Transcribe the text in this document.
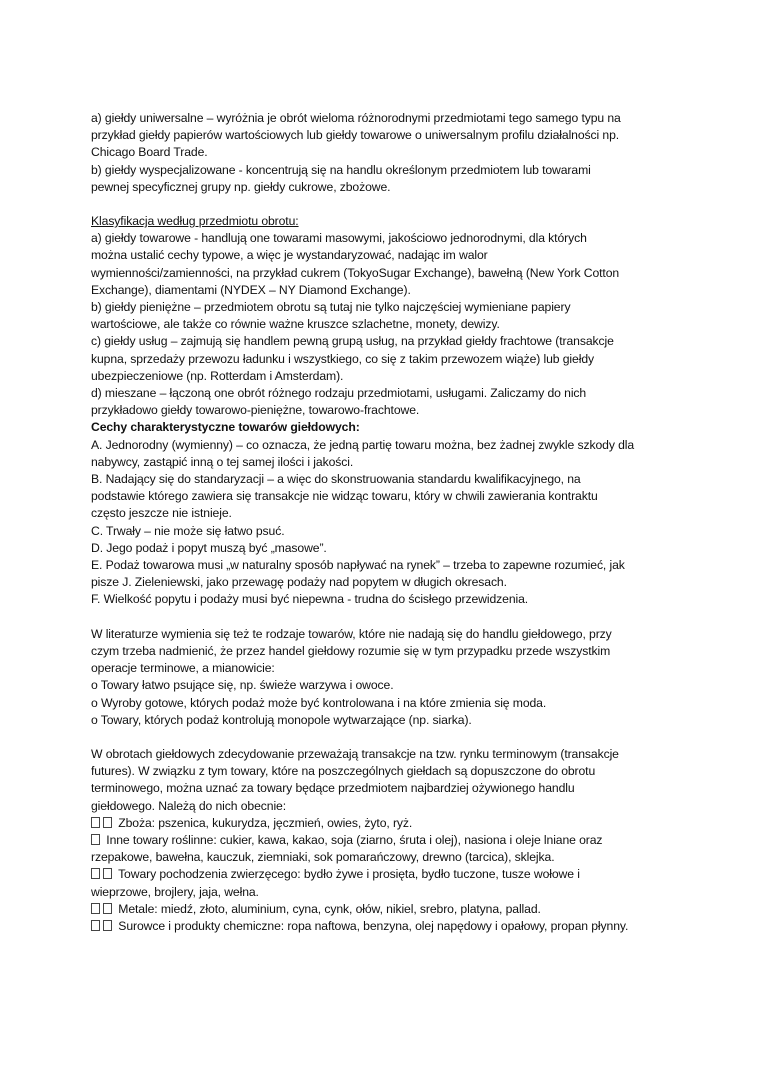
a) giełdy uniwersalne – wyróżnia je obrót wieloma różnorodnymi przedmiotami tego samego typu na
przykład giełdy papierów wartościowych lub giełdy towarowe o uniwersalnym profilu działalności np.
Chicago Board Trade.
b) giełdy wyspecjalizowane - koncentrują się na handlu określonym przedmiotem lub towarami
pewnej specyficznej grupy np. giełdy cukrowe, zbożowe.
Klasyfikacja według przedmiotu obrotu:
a) giełdy towarowe - handlują one towarami masowymi, jakościowo jednorodnymi, dla których
można ustalić cechy typowe, a więc je wystandaryzować, nadając im walor
wymienności/zamienności, na przykład cukrem (TokyoSugar Exchange), bawełną (New York Cotton
Exchange), diamentami (NYDEX – NY Diamond Exchange).
b) giełdy pieniężne – przedmiotem obrotu są tutaj nie tylko najczęściej wymieniane papiery
wartościowe, ale także co równie ważne kruszce szlachetne, monety, dewizy.
c) giełdy usług – zajmują się handlem pewną grupą usług, na przykład giełdy frachtowe (transakcje
kupna, sprzedaży przewozu ładunku i wszystkiego, co się z takim przewozem wiąże) lub giełdy
ubezpieczeniowe (np. Rotterdam i Amsterdam).
d) mieszane – łączoną one obrót różnego rodzaju przedmiotami, usługami. Zaliczamy do nich
przykładowo giełdy towarowo-pieniężne, towarowo-frachtowe.
Cechy charakterystyczne towarów giełdowych:
A. Jednorodny (wymienny) – co oznacza, że jedną partię towaru można, bez żadnej zwykle szkody dla
nabywcy, zastąpić inną o tej samej ilości i jakości.
B. Nadający się do standaryzacji – a więc do skonstruowania standardu kwalifikacyjnego, na
podstawie którego zawiera się transakcje nie widząc towaru, który w chwili zawierania kontraktu
często jeszcze nie istnieje.
C. Trwały – nie może się łatwo psuć.
D. Jego podaż i popyt muszą być „masowe”.
E. Podaż towarowa musi „w naturalny sposób napływać na rynek” – trzeba to zapewne rozumieć, jak
pisze J. Zieleniewski, jako przewagę podaży nad popytem w długich okresach.
F. Wielkość popytu i podaży musi być niepewna - trudna do ścisłego przewidzenia.
W literaturze wymienia się też te rodzaje towarów, które nie nadają się do handlu giełdowego, przy
czym trzeba nadmienić, że przez handel giełdowy rozumie się w tym przypadku przede wszystkim
operacje terminowe, a mianowicie:
o Towary łatwo psujące się, np. świeże warzywa i owoce.
o Wyroby gotowe, których podaż może być kontrolowana i na które zmienia się moda.
o Towary, których podaż kontrolują monopole wytwarzające (np. siarka).
W obrotach giełdowych zdecydowanie przeważają transakcje na tzw. rynku terminowym (transakcje
futures). W związku z tym towary, które na poszczególnych giełdach są dopuszczone do obrotu
terminowego, można uznać za towary będące przedmiotem najbardziej ożywionego handlu
giełdowego. Należą do nich obecnie:
Zboża: pszenica, kukurydza, jęczmień, owies, żyto, ryż.
Inne towary roślinne: cukier, kawa, kakao, soja (ziarno, śruta i olej), nasiona i oleje lniane oraz
rzepakowe, bawełna, kauczuk, ziemniaki, sok pomarańczowy, drewno (tarcica), sklejka.
Towary pochodzenia zwierzęcego: bydło żywe i prosięta, bydło tuczone, tusze wołowe i
wieprzowe, brojlery, jaja, wełna.
Metale: miedź, złoto, aluminium, cyna, cynk, ołów, nikiel, srebro, platyna, pallad.
Surowce i produkty chemiczne: ropa naftowa, benzyna, olej napędowy i opałowy, propan płynny.
